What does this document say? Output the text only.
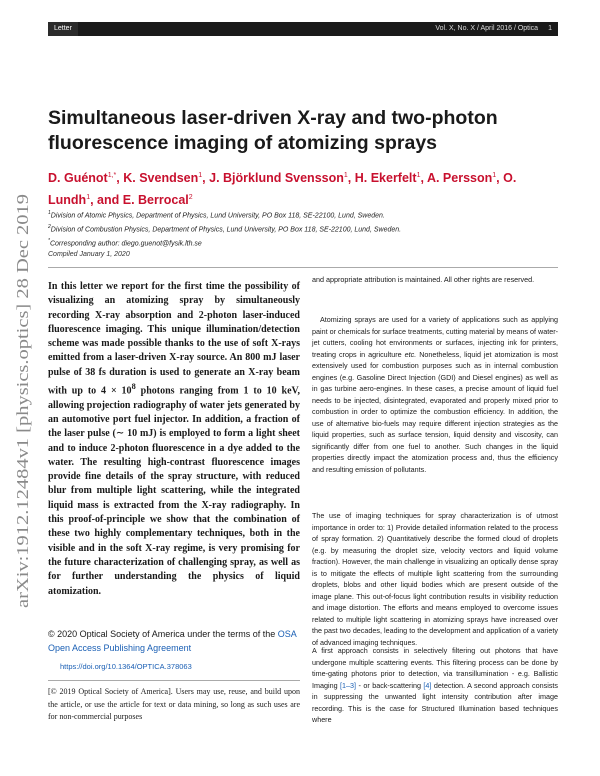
Letter	Vol. X, No. X / April 2016 / Optica 1
arXiv:1912.12484v1 [physics.optics] 28 Dec 2019
Simultaneous laser-driven X-ray and two-photon fluorescence imaging of atomizing sprays

D. Guénot$^{1,*}$, K. Svendsen$^1$, J. Björklund Svensson$^1$, H. Ekerfelt$^1$, A. Persson$^1$, O. Lundh$^1$, and E. Berrocal$^2$

$^1$Division of Atomic Physics, Department of Physics, Lund University, PO Box 118, SE-22100, Lund, Sweden.
$^2$Division of Combustion Physics, Department of Physics, Lund University, PO Box 118, SE-22100, Lund, Sweden.
*Corresponding author: diego.guenot@fysik.lth.se
Compiled January 1, 2020

In this letter we report for the first time the possibility of visualizing an atomizing spray by simultaneously recording X-ray absorption and 2-photon laser-induced fluorescence imaging. This unique illumination/detection scheme was made possible thanks to the use of soft X-rays emitted from a laser-driven X-ray source. An 800 mJ laser pulse of 38 fs duration is used to generate an X-ray beam with up to $4 \times 10^8$ photons ranging from 1 to 10 keV, allowing projection radiography of water jets generated by an automotive port fuel injector. In addition, a fraction of the laser pulse (∼ 10 mJ) is employed to form a light sheet and to induce 2-photon fluorescence in a dye added to the water. The resulting high-contrast fluorescence images provide fine details of the spray structure, with reduced blur from multiple light scattering, while the integrated liquid mass is extracted from the X-ray radiography. In this proof-of-principle we show that the combination of these two highly complementary techniques, both in the visible and in the soft X-ray regime, is very promising for the future characterization of challenging spray, as well as for further understanding the physics of liquid atomization.

© 2020 Optical Society of America under the terms of the OSA Open Access Publishing Agreement

https://doi.org/10.1364/OPTICA.378063

[© 2019 Optical Society of America]. Users may use, reuse, and build upon the article, or use the article for text or data mining, so long as such uses are for non-commercial purposes

and appropriate attribution is maintained. All other rights are reserved.

Atomizing sprays are used for a variety of applications such as applying paint or chemicals for surface treatments, cutting material by means of water-jet cutters, cooling hot environments or surfaces, injecting ink for printers, treating crops in agriculture etc. Nonetheless, liquid jet atomization is most extensively used for combustion purposes such as in internal combustion engines (e.g. Gasoline Direct Injection (GDI) and Diesel engines) as well as in gas turbine aero-engines. In these cases, a precise amount of liquid fuel needs to be injected, disintegrated, evaporated and properly mixed prior to combustion in order to optimize the combustion efficiency. In addition, the use of alternative bio-fuels may require different injection strategies as the liquid properties, such as surface tension, liquid density and viscosity, can significantly differ from one fuel to another. Such changes in the liquid properties directly impact the atomization process and, thus the efficiency and resulting emission of pollutants.

The use of imaging techniques for spray characterization is of utmost importance in order to: 1) Provide detailed information related to the process of spray formation. 2) Quantitatively describe the formed cloud of droplets (e.g. by measuring the droplet size, velocity vectors and liquid volume fraction). However, the main challenge in visualizing an optically dense spray is to mitigate the effects of multiple light scattering from the surrounding droplets, blobs and other liquid bodies which are present outside of the image plane. This out-of-focus light contribution results in visibility reduction and image distortion. The efforts and means employed to overcome issues related to multiple light scattering in atomizing sprays have increased over the past two decades, leading to the development and application of a variety of advanced imaging techniques.

A first approach consists in selectively filtering out photons that have undergone multiple scattering events. This filtering process can be done by time-gating photons prior to detection, via transillumination - e.g. Ballistic Imaging [1–3] - or back-scattering [4] detection. A second approach consists in suppressing the unwanted light intensity contribution after image recording. This is the case for Structured Illumination based techniques where
